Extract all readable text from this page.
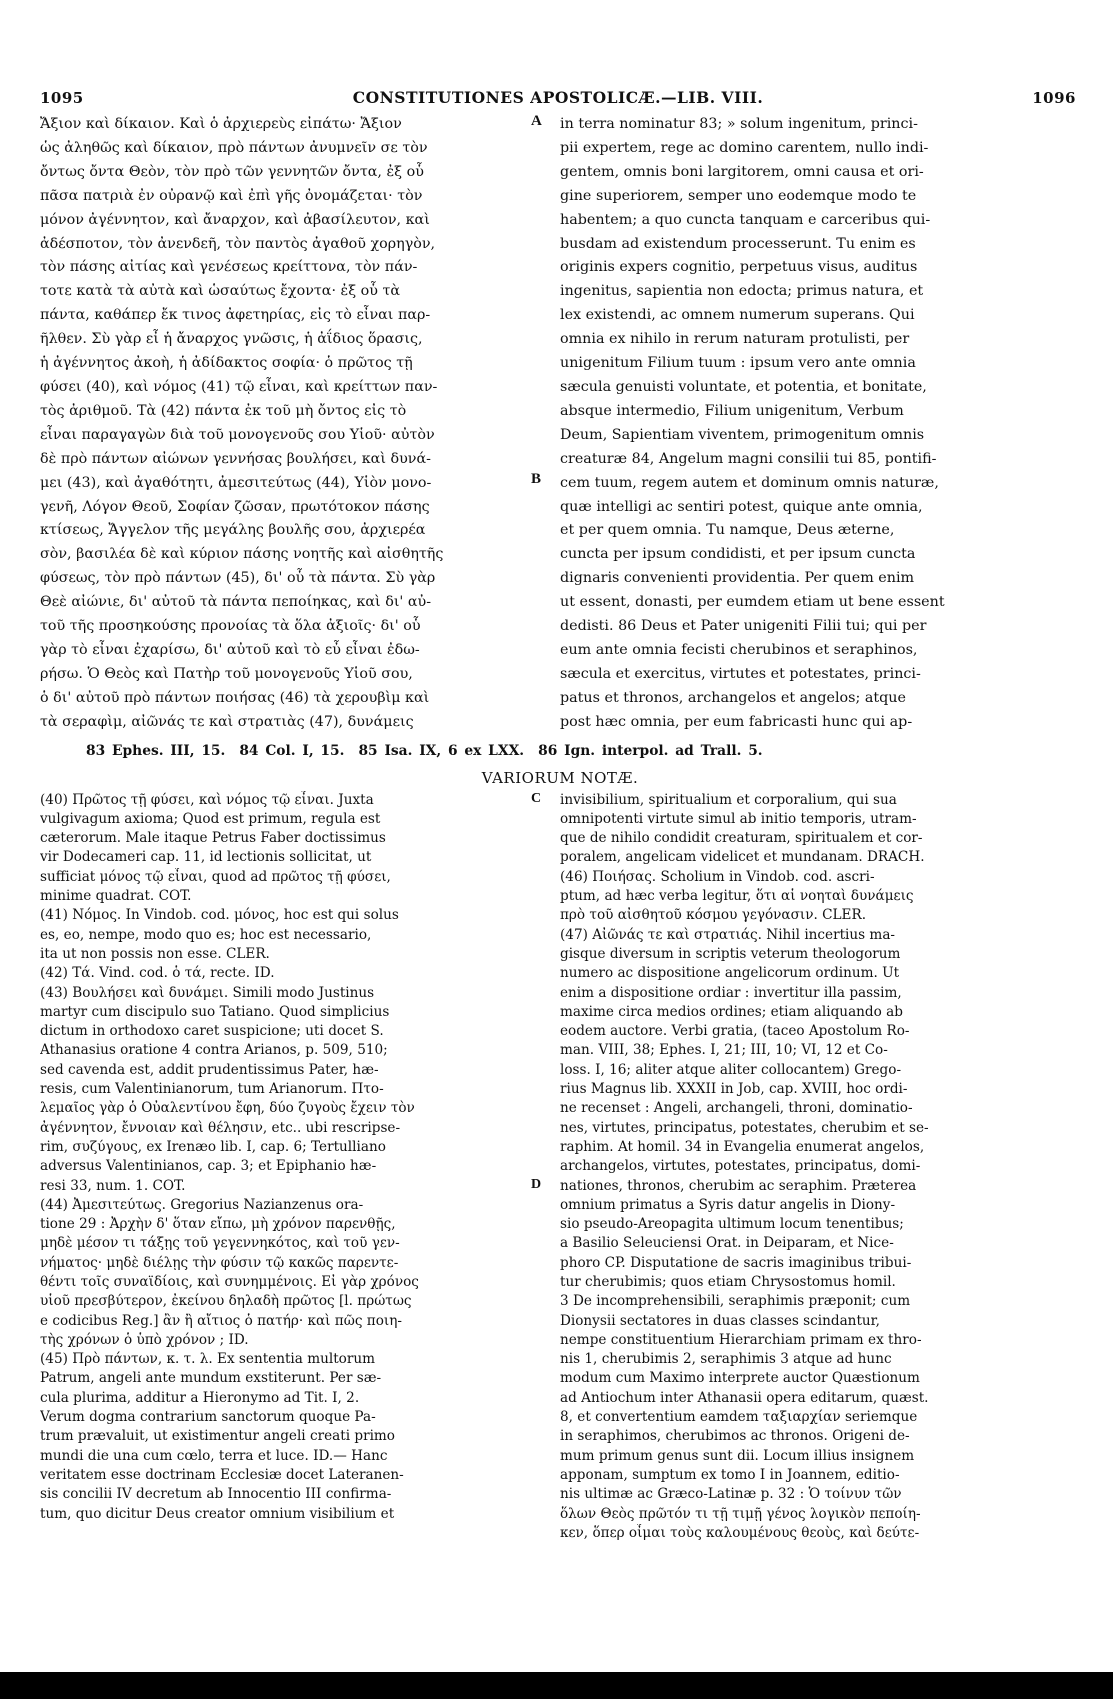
1095	CONSTITUTIONES APOSTOLICÆ.—LIB. VIII.	1096
Ἄξιον καὶ δίκαιον. Καὶ ὁ ἀρχιερεὺς εἰπάτω· Ἄξιον
ὡς ἀληθῶς καὶ δίκαιον, πρὸ πάντων ἀνυμνεῖν σε τὸν
ὄντως ὄντα Θεὸν, τὸν πρὸ τῶν γεννητῶν ὄντα, ἐξ οὗ
πᾶσα πατριὰ ἐν οὐρανῷ καὶ ἐπὶ γῆς ὀνομάζεται· τὸν
μόνον ἀγέννητον, καὶ ἄναρχον, καὶ ἀβασίλευτον, καὶ
ἀδέσποτον, τὸν ἀνενδεῆ, τὸν παντὸς ἀγαθοῦ χορηγὸν,
τὸν πάσης αἰτίας καὶ γενέσεως κρείττονα, τὸν πάν-
τοτε κατὰ τὰ αὐτὰ καὶ ὡσαύτως ἔχοντα· ἐξ οὗ τὰ
πάντα, καθάπερ ἔκ τινος ἀφετηρίας, εἰς τὸ εἶναι παρ-
ῆλθεν. Σὺ γὰρ εἶ ἡ ἄναρχος γνῶσις, ἡ ἀΐδιος ὅρασις,
ἡ ἀγέννητος ἀκοὴ, ἡ ἀδίδακτος σοφία· ὁ πρῶτος τῇ
φύσει (40), καὶ νόμος (41) τῷ εἶναι, καὶ κρείττων παν-
τὸς ἀριθμοῦ. Τὰ (42) πάντα ἐκ τοῦ μὴ ὄντος εἰς τὸ
εἶναι παραγαγὼν διὰ τοῦ μονογενοῦς σου Υἱοῦ· αὐτὸν
δὲ πρὸ πάντων αἰώνων γεννήσας βουλήσει, καὶ δυνά-
μει (43), καὶ ἀγαθότητι, ἀμεσιτεύτως (44), Υἱὸν μονο-
γενῆ, Λόγον Θεοῦ, Σοφίαν ζῶσαν, πρωτότοκον πάσης
κτίσεως, Ἄγγελον τῆς μεγάλης βουλῆς σου, ἀρχιερέα
σὸν, βασιλέα δὲ καὶ κύριον πάσης νοητῆς καὶ αἰσθητῆς
φύσεως, τὸν πρὸ πάντων (45), δι' οὗ τὰ πάντα. Σὺ γὰρ
Θεὲ αἰώνιε, δι' αὐτοῦ τὰ πάντα πεποίηκας, καὶ δι' αὐ-
τοῦ τῆς προσηκούσης προνοίας τὰ ὅλα ἀξιοῖς· δι' οὗ
γὰρ τὸ εἶναι ἐχαρίσω, δι' αὐτοῦ καὶ τὸ εὖ εἶναι ἐδω-
ρήσω. Ὁ Θεὸς καὶ Πατὴρ τοῦ μονογενοῦς Υἱοῦ σου,
ὁ δι' αὐτοῦ πρὸ πάντων ποιήσας (46) τὰ χερουβὶμ καὶ
τὰ σεραφὶμ, αἰῶνάς τε καὶ στρατιὰς (47), δυνάμεις
in terra nominatur 83; » solum ingenitum, princi-
pii expertem, rege ac domino carentem, nullo indi-
gentem, omnis boni largitorem, omni causa et ori-
gine superiorem, semper uno eodemque modo te
habentem; a quo cuncta tanquam e carceribus qui-
busdam ad existendum processerunt. Tu enim es
originis expers cognitio, perpetuus visus, auditus
ingenitus, sapientia non edocta; primus natura, et
lex existendi, ac omnem numerum superans. Qui
omnia ex nihilo in rerum naturam protulisti, per
unigenitum Filium tuum : ipsum vero ante omnia
sæcula genuisti voluntate, et potentia, et bonitate,
absque intermedio, Filium unigenitum, Verbum
Deum, Sapientiam viventem, primogenitum omnis
creaturæ 84, Angelum magni consilii tui 85, pontifi-
cem tuum, regem autem et dominum omnis naturæ,
quæ intelligi ac sentiri potest, quique ante omnia,
et per quem omnia. Tu namque, Deus æterne,
cuncta per ipsum condidisti, et per ipsum cuncta
dignaris convenienti providentia. Per quem enim
ut essent, donasti, per eumdem etiam ut bene essent
dedisti. 86 Deus et Pater unigeniti Filii tui; qui per
eum ante omnia fecisti cherubinos et seraphinos,
sæcula et exercitus, virtutes et potestates, princi-
patus et thronos, archangelos et angelos; atque
post hæc omnia, per eum fabricasti hunc qui ap-
A
B
83 Ephes. III, 15. 84 Col. I, 15. 85 Isa. IX, 6 ex LXX. 86 Ign. interpol. ad Trall. 5.
VARIORUM NOTÆ.
(40) Πρῶτος τῇ φύσει, καὶ νόμος τῷ εἶναι. Juxta
vulgivagum axioma; Quod est primum, regula est
cæterorum. Male itaque Petrus Faber doctissimus
vir Dodecameri cap. 11, id lectionis sollicitat, ut
sufficiat μόνος τῷ εἶναι, quod ad πρῶτος τῇ φύσει,
minime quadrat. COT.
(41) Νόμος. In Vindob. cod. μόνος, hoc est qui solus
es, eo, nempe, modo quo es; hoc est necessario,
ita ut non possis non esse. CLER.
(42) Τά. Vind. cod. ὁ τά, recte. ID.
(43) Βουλήσει καὶ δυνάμει. Simili modo Justinus
martyr cum discipulo suo Tatiano. Quod simplicius
dictum in orthodoxo caret suspicione; uti docet S.
Athanasius oratione 4 contra Arianos, p. 509, 510;
sed cavenda est, addit prudentissimus Pater, hæ-
resis, cum Valentinianorum, tum Arianorum. Πτο-
λεμαῖος γὰρ ὁ Οὐαλεντίνου ἔφη, δύο ζυγοὺς ἔχειν τὸν
ἀγέννητον, ἔννοιαν καὶ θέλησιν, etc.. ubi rescripse-
rim, συζύγους, ex Irenæo lib. I, cap. 6; Tertulliano
adversus Valentinianos, cap. 3; et Epiphanio hæ-
resi 33, num. 1. COT.
(44) Ἀμεσιτεύτως. Gregorius Nazianzenus ora-
tione 29 : Ἀρχὴν δ' ὅταν εἴπω, μὴ χρόνον παρενθῇς,
μηδὲ μέσον τι τάξῃς τοῦ γεγεννηκότος, καὶ τοῦ γεν-
νήματος· μηδὲ διέλῃς τὴν φύσιν τῷ κακῶς παρεντε-
θέντι τοῖς συναϊδίοις, καὶ συνημμένοις. Εἰ γὰρ χρόνος
υἱοῦ πρεσβύτερον, ἐκείνου δηλαδὴ πρῶτος [l. πρώτως
e codicibus Reg.] ἂν ἢ αἴτιος ὁ πατήρ· καὶ πῶς ποιη-
τὴς χρόνων ὁ ὑπὸ χρόνον ; ID.
(45) Πρὸ πάντων, κ. τ. λ. Ex sententia multorum
Patrum, angeli ante mundum exstiterunt. Per sæ-
cula plurima, additur a Hieronymo ad Tit. I, 2.
Verum dogma contrarium sanctorum quoque Pa-
trum prævaluit, ut existimentur angeli creati primo
mundi die una cum cœlo, terra et luce. ID.— Hanc
veritatem esse doctrinam Ecclesiæ docet Lateranen-
sis concilii IV decretum ab Innocentio III confirma-
tum, quo dicitur Deus creator omnium visibilium et
invisibilium, spiritualium et corporalium, qui sua
omnipotenti virtute simul ab initio temporis, utram-
que de nihilo condidit creaturam, spiritualem et cor-
poralem, angelicam videlicet et mundanam. DRACH.
(46) Ποιήσας. Scholium in Vindob. cod. ascri-
ptum, ad hæc verba legitur, ὅτι αἱ νοηταὶ δυνάμεις
πρὸ τοῦ αἰσθητοῦ κόσμου γεγόνασιν. CLER.
(47) Αἰῶνάς τε καὶ στρατιάς. Nihil incertius ma-
gisque diversum in scriptis veterum theologorum
numero ac dispositione angelicorum ordinum. Ut
enim a dispositione ordiar : invertitur illa passim,
maxime circa medios ordines; etiam aliquando ab
eodem auctore. Verbi gratia, (taceo Apostolum Ro-
man. VIII, 38; Ephes. I, 21; III, 10; VI, 12 et Co-
loss. I, 16; aliter atque aliter collocantem) Grego-
rius Magnus lib. XXXII in Job, cap. XVIII, hoc ordi-
ne recenset : Angeli, archangeli, throni, dominatio-
nes, virtutes, principatus, potestates, cherubim et se-
raphim. At homil. 34 in Evangelia enumerat angelos,
archangelos, virtutes, potestates, principatus, domi-
nationes, thronos, cherubim ac seraphim. Præterea
omnium primatus a Syris datur angelis in Diony-
sio pseudo-Areopagita ultimum locum tenentibus;
a Basilio Seleuciensi Orat. in Deiparam, et Nice-
phoro CP. Disputatione de sacris imaginibus tribui-
tur cherubimis; quos etiam Chrysostomus homil.
3 De incomprehensibili, seraphimis præponit; cum
Dionysii sectatores in duas classes scindantur,
nempe constituentium Hierarchiam primam ex thro-
nis 1, cherubimis 2, seraphimis 3 atque ad hunc
modum cum Maximo interprete auctor Quæstionum
ad Antiochum inter Athanasii opera editarum, quæst.
8, et convertentium eamdem ταξιαρχίαν seriemque
in seraphimos, cherubimos ac thronos. Origeni de-
mum primum genus sunt dii. Locum illius insignem
apponam, sumptum ex tomo I in Joannem, editio-
nis ultimæ ac Græco-Latinæ p. 32 : Ὁ τοίνυν τῶν
ὅλων Θεὸς πρῶτόν τι τῇ τιμῇ γένος λογικὸν πεποίη-
κεν, ὅπερ οἶμαι τοὺς καλουμένους θεοὺς, καὶ δεύτε-
C
D
